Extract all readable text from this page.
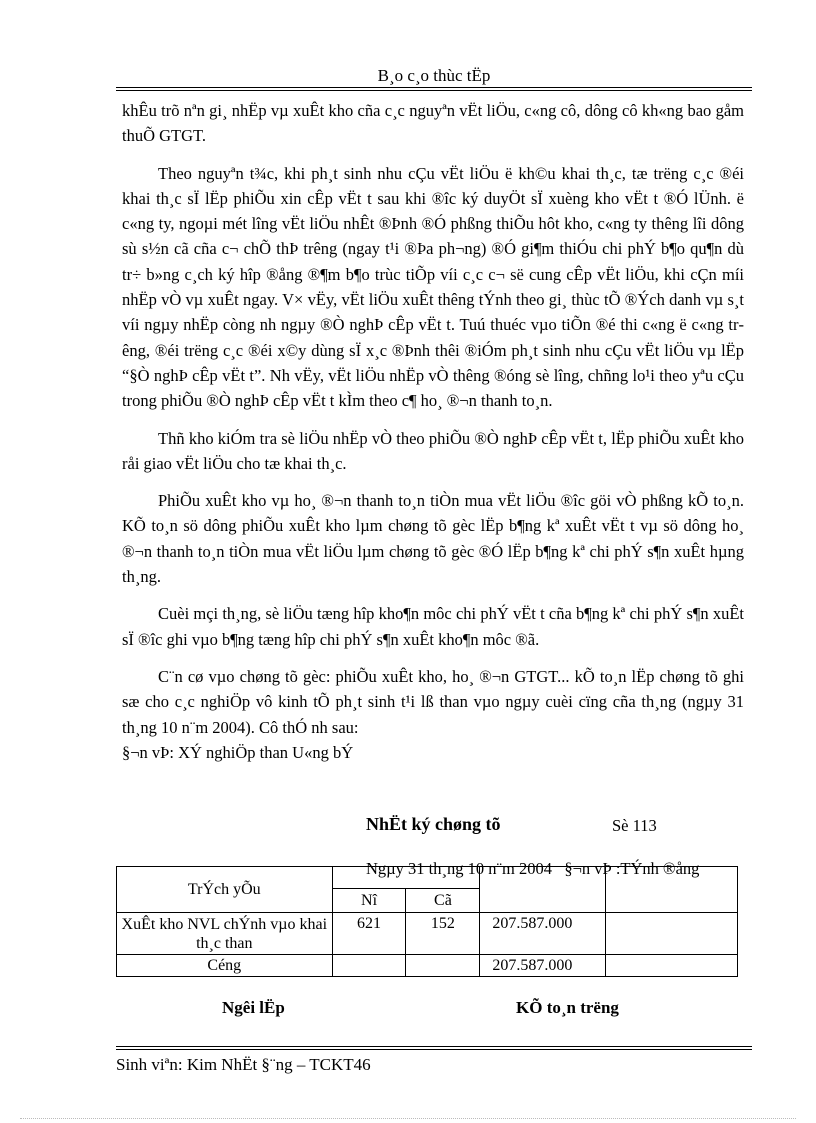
B¸o c¸o thùc tËp

khÊu trõ nªn gi¸ nhËp vµ xuÊt kho cña c¸c nguyªn vËt liÖu, c«ng cô, dông cô kh«ng bao gåm thuÕ GTGT.

Theo nguyªn t¾c, khi ph¸t sinh nhu cÇu vËt liÖu ë kh©u khai th¸c, tæ trëng c¸c ®éi khai th¸c sÏ lËp phiÕu xin cÊp vËt t sau khi ®îc ký duyÖt sÏ xuèng kho vËt t ®Ó lÜnh. ë c«ng ty, ngoµi mét lîng vËt liÖu nhÊt ®Þnh ®Ó phßng thiÕu hôt kho, c«ng ty thêng lîi dông sù s½n cã cña c¬ chÕ thÞ trêng (ngay t¹i ®Þa ph¬ng) ®Ó gi¶m thiÓu chi phÝ b¶o qu¶n dù tr÷ b»ng c¸ch ký hîp ®ång ®¶m b¶o trùc tiÕp víi c¸c c¬ së cung cÊp vËt liÖu, khi cÇn míi nhËp vÒ vµ xuÊt ngay. V× vËy, vËt liÖu xuÊt thêng tÝnh theo gi¸ thùc tÕ ®Ých danh vµ s¸t víi ngµy nhËp còng nh ngµy ®Ò nghÞ cÊp vËt t. Tuú thuéc vµo tiÕn ®é thi c«ng ë c«ng trêng, ®éi trëng c¸c ®éi x©y dùng sÏ x¸c ®Þnh thêi ®iÓm ph¸t sinh nhu cÇu vËt liÖu vµ lËp “§Ò nghÞ cÊp vËt t”. Nh vËy, vËt liÖu nhËp vÒ thêng ®óng sè lîng, chñng lo¹i theo yªu cÇu trong phiÕu ®Ò nghÞ cÊp vËt t kÌm theo c¶ ho¸ ®¬n thanh to¸n.

Thñ kho kiÓm tra sè liÖu nhËp vÒ theo phiÕu ®Ò nghÞ cÊp vËt t, lËp phiÕu xuÊt kho råi giao vËt liÖu cho tæ khai th¸c.

PhiÕu xuÊt kho vµ ho¸ ®¬n thanh to¸n tiÒn mua vËt liÖu ®îc göi vÒ phßng kÕ to¸n. KÕ to¸n sö dông phiÕu xuÊt kho lµm chøng tõ gèc lËp b¶ng kª xuÊt vËt t vµ sö dông ho¸ ®¬n thanh to¸n tiÒn mua vËt liÖu lµm chøng tõ gèc ®Ó lËp b¶ng kª chi phÝ s¶n xuÊt hµng th¸ng.

Cuèi mçi th¸ng, sè liÖu tæng hîp kho¶n môc chi phÝ vËt t cña b¶ng kª chi phÝ s¶n xuÊt sÏ ®îc ghi vµo b¶ng tæng hîp chi phÝ s¶n xuÊt kho¶n môc ®ã.

C¨n cø vµo chøng tõ gèc: phiÕu xuÊt kho, ho¸ ®¬n GTGT... kÕ to¸n lËp chøng tõ ghi sæ cho c¸c nghiÖp vô kinh tÕ ph¸t sinh t¹i lß than vµo ngµy cuèi cïng cña th¸ng (ngµy 31 th¸ng 10 n¨m 2004). Cô thÓ nh sau:

§¬n vÞ: XÝ nghiÖp than U«ng bÝ

NhËt ký chøng tõ	Sè 113
Ngµy 31 th¸ng 10 n¨m 2004 §¬n vÞ :TÝnh ®ång
TrÝch yÕu				
	Nî	Cã		
XuÊt kho NVL chÝnh vµo khai th¸c than	621	152	207.587.000	
Céng			207.587.000	
Ngêi lËp	KÕ to¸n trëng
Sinh viªn: Kim NhËt §¨ng – TCKT46
